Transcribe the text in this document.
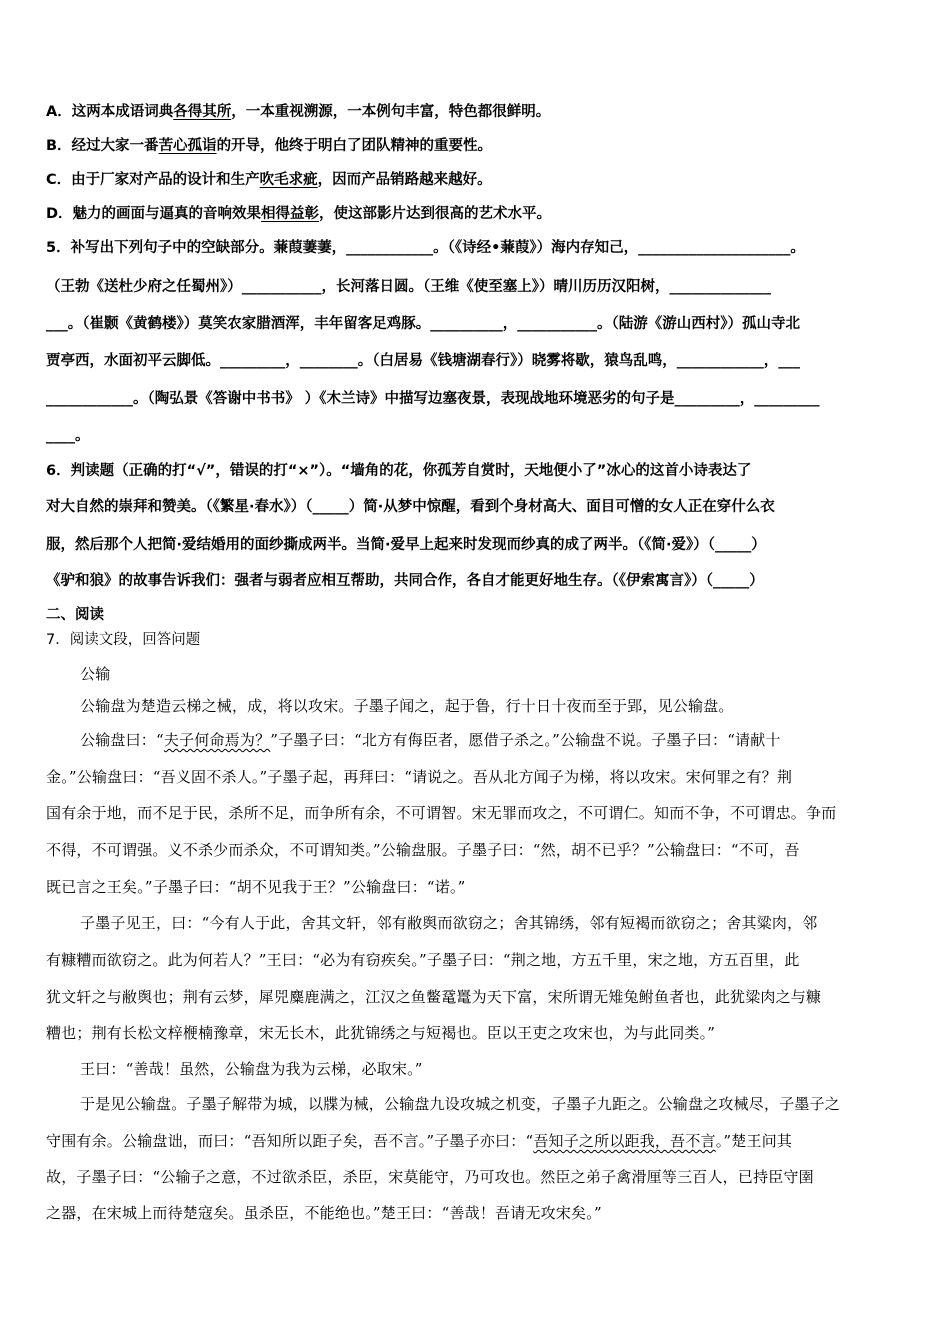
A．这两本成语词典各得其所，一本重视溯源，一本例句丰富，特色都很鲜明。
B．经过大家一番苦心孤诣的开导，他终于明白了团队精神的重要性。
C．由于厂家对产品的设计和生产吹毛求疵，因而产品销路越来越好。
D．魅力的画面与逼真的音响效果相得益彰，使这部影片达到很高的艺术水平。
5．补写出下列句子中的空缺部分。蒹葭萋萋，____________。（《诗经•蒹葭》）海内存知己，_____________________。
（王勃《送杜少府之任蜀州》）___________，长河落日圆。（王维《使至塞上》）晴川历历汉阳树，______________
___。（崔颢《黄鹤楼》）莫笑农家腊酒浑，丰年留客足鸡豚。__________，___________。（陆游《游山西村》）孤山寺北
贾亭西，水面初平云脚低。_________，________。（白居易《钱塘湖春行》）晓雾将歇，猿鸟乱鸣，____________，___
____________。（陶弘景《答谢中书书》 ）《木兰诗》中描写边塞夜景，表现战地环境恶劣的句子是_________，_________
____。
6．判读题（正确的打“√”，错误的打“×”）。“墙角的花，你孤芳自赏时，天地便小了”冰心的这首小诗表达了
对大自然的崇拜和赞美。（《繁星·春水》）（_____）简·从梦中惊醒，看到个身材高大、面目可憎的女人正在穿什么衣
服，然后那个人把简·爱结婚用的面纱撕成两半。当简·爱早上起来时发现而纱真的成了两半。（《简·爱》）（_____）
《驴和狼》的故事告诉我们：强者与弱者应相互帮助，共同合作，各自才能更好地生存。（《伊索寓言》）（_____）
二、阅读
7．阅读文段，回答问题
公输
公输盘为楚造云梯之械，成，将以攻宋。子墨子闻之，起于鲁，行十日十夜而至于郢，见公输盘。
公输盘曰：“夫子何命焉为？”子墨子曰：“北方有侮臣者，愿借子杀之。”公输盘不说。子墨子曰：“请献十
金。”公输盘曰：“吾义固不杀人。”子墨子起，再拜曰：“请说之。吾从北方闻子为梯，将以攻宋。宋何罪之有？荆
国有余于地，而不足于民，杀所不足，而争所有余，不可谓智。宋无罪而攻之，不可谓仁。知而不争，不可谓忠。争而
不得，不可谓强。义不杀少而杀众，不可谓知类。”公输盘服。子墨子曰：“然，胡不已乎？”公输盘曰：“不可，吾
既已言之王矣。”子墨子曰：“胡不见我于王？”公输盘曰：“诺。”
子墨子见王，曰：“今有人于此，舍其文轩，邻有敝舆而欲窃之；舍其锦绣，邻有短褐而欲窃之；舍其粱肉，邻
有糠糟而欲窃之。此为何若人？”王曰：“必为有窃疾矣。”子墨子曰：“荆之地，方五千里，宋之地，方五百里，此
犹文轩之与敝舆也；荆有云梦，犀兕麋鹿满之，江汉之鱼鳖鼋鼍为天下富，宋所谓无雉兔鲋鱼者也，此犹粱肉之与糠
糟也；荆有长松文梓楩楠豫章，宋无长木，此犹锦绣之与短褐也。臣以王吏之攻宋也，为与此同类。”
王曰：“善哉！虽然，公输盘为我为云梯，必取宋。”
于是见公输盘。子墨子解带为城，以牒为械，公输盘九设攻城之机变，子墨子九距之。公输盘之攻械尽，子墨子之
守围有余。公输盘诎，而曰：“吾知所以距子矣，吾不言。”子墨子亦曰：“吾知子之所以距我，吾不言。”楚王问其
故，子墨子曰：“公输子之意，不过欲杀臣，杀臣，宋莫能守，乃可攻也。然臣之弟子禽滑厘等三百人，已持臣守圉
之器，在宋城上而待楚寇矣。虽杀臣，不能绝也。”楚王曰：“善哉！吾请无攻宋矣。”
